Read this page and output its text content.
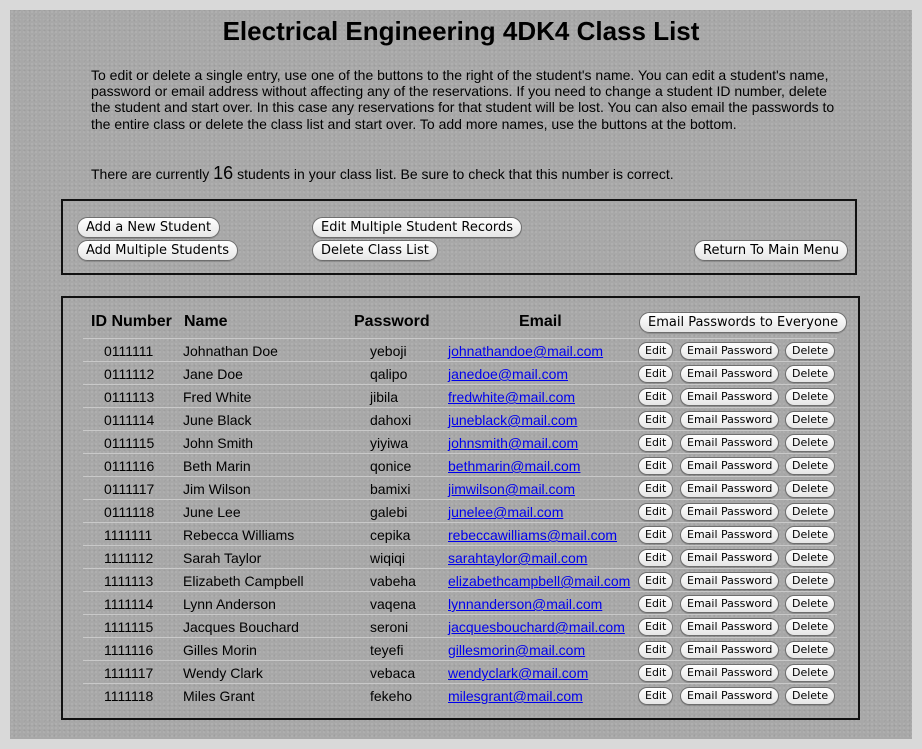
Electrical Engineering 4DK4 Class List

To edit or delete a single entry, use one of the buttons to the right of the student's name. You can edit a student's name, password or email address without affecting any of the reservations. If you need to change a student ID number, delete the student and start over. In this case any reservations for that student will be lost. You can also email the passwords to the entire class or delete the class list and start over. To add more names, use the buttons at the bottom.

There are currently 16 students in your class list. Be sure to check that this number is correct.

Add a New Student
Add Multiple Students
Edit Multiple Student Records
Delete Class List	Return To Main Menu
ID Number Name	Password	Email	Email Passwords to Everyone
0111111 Johnathan Doe	yeboji	johnathandoe@mail.com	Edit	Email Password	Delete
0111112 Jane Doe	qalipo	janedoe@mail.com	Edit	Email Password	Delete
0111113 Fred White	jibila	fredwhite@mail.com	Edit	Email Password	Delete
0111114 June Black	dahoxi	juneblack@mail.com	Edit	Email Password	Delete
0111115 John Smith	yiyiwa	johnsmith@mail.com	Edit	Email Password	Delete
0111116 Beth Marin	qonice	bethmarin@mail.com	Edit	Email Password	Delete
0111117 Jim Wilson	bamixi	jimwilson@mail.com	Edit	Email Password	Delete
0111118 June Lee	galebi	junelee@mail.com	Edit	Email Password	Delete
1111111 Rebecca Williams	cepika	rebeccawilliams@mail.com	Edit	Email Password	Delete
1111112 Sarah Taylor	wiqiqi	sarahtaylor@mail.com	Edit	Email Password	Delete
1111113 Elizabeth Campbell	vabeha elizabethcampbell@mail.com	Edit	Email Password	Delete
1111114 Lynn Anderson	vaqena lynnanderson@mail.com	Edit	Email Password	Delete
1111115 Jacques Bouchard	seroni	jacquesbouchard@mail.com	Edit	Email Password	Delete
1111116 Gilles Morin	teyefi	gillesmorin@mail.com	Edit	Email Password	Delete
1111117 Wendy Clark	vebaca wendyclark@mail.com	Edit	Email Password	Delete
1111118 Miles Grant	fekeho	milesgrant@mail.com	Edit	Email Password	Delete
